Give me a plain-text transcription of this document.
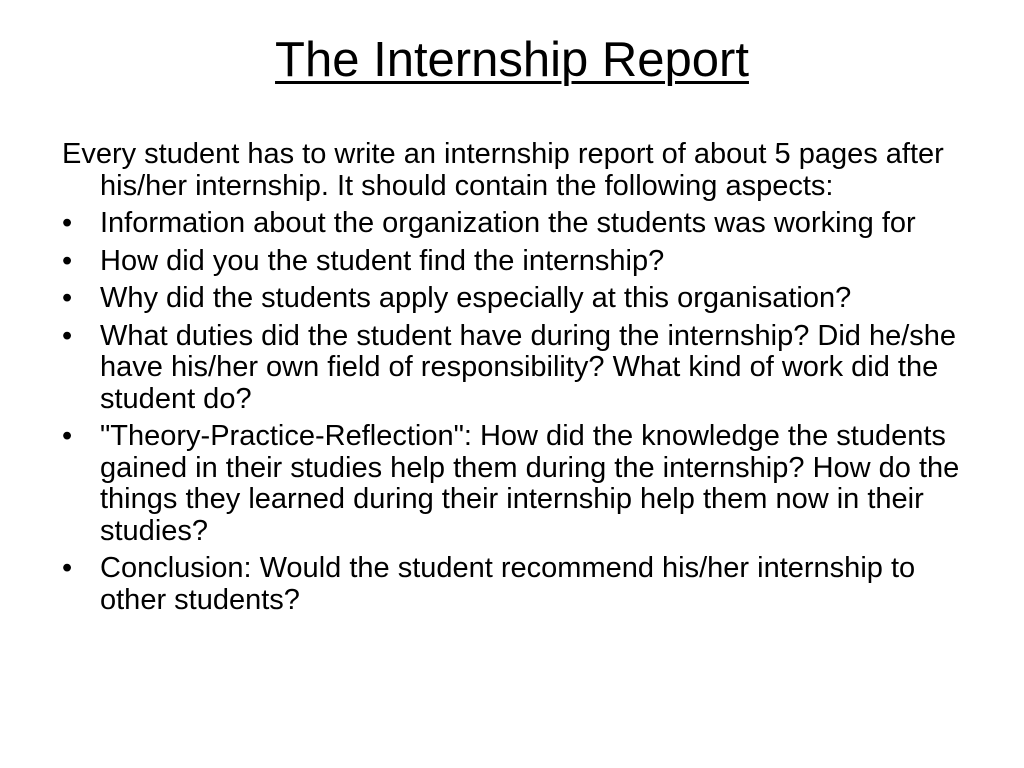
The Internship Report

Every student has to write an internship report of about 5 pages after his/her internship. It should contain the following aspects:

• Information about the organization the students was working for
• How did you the student find the internship?
• Why did the students apply especially at this organisation?
• What duties did the student have during the internship? Did he/she have his/her own field of responsibility? What kind of work did the student do?
• "Theory-Practice-Reflection": How did the knowledge the students gained in their studies help them during the internship? How do the things they learned during their internship help them now in their studies?
• Conclusion: Would the student recommend his/her internship to other students?
